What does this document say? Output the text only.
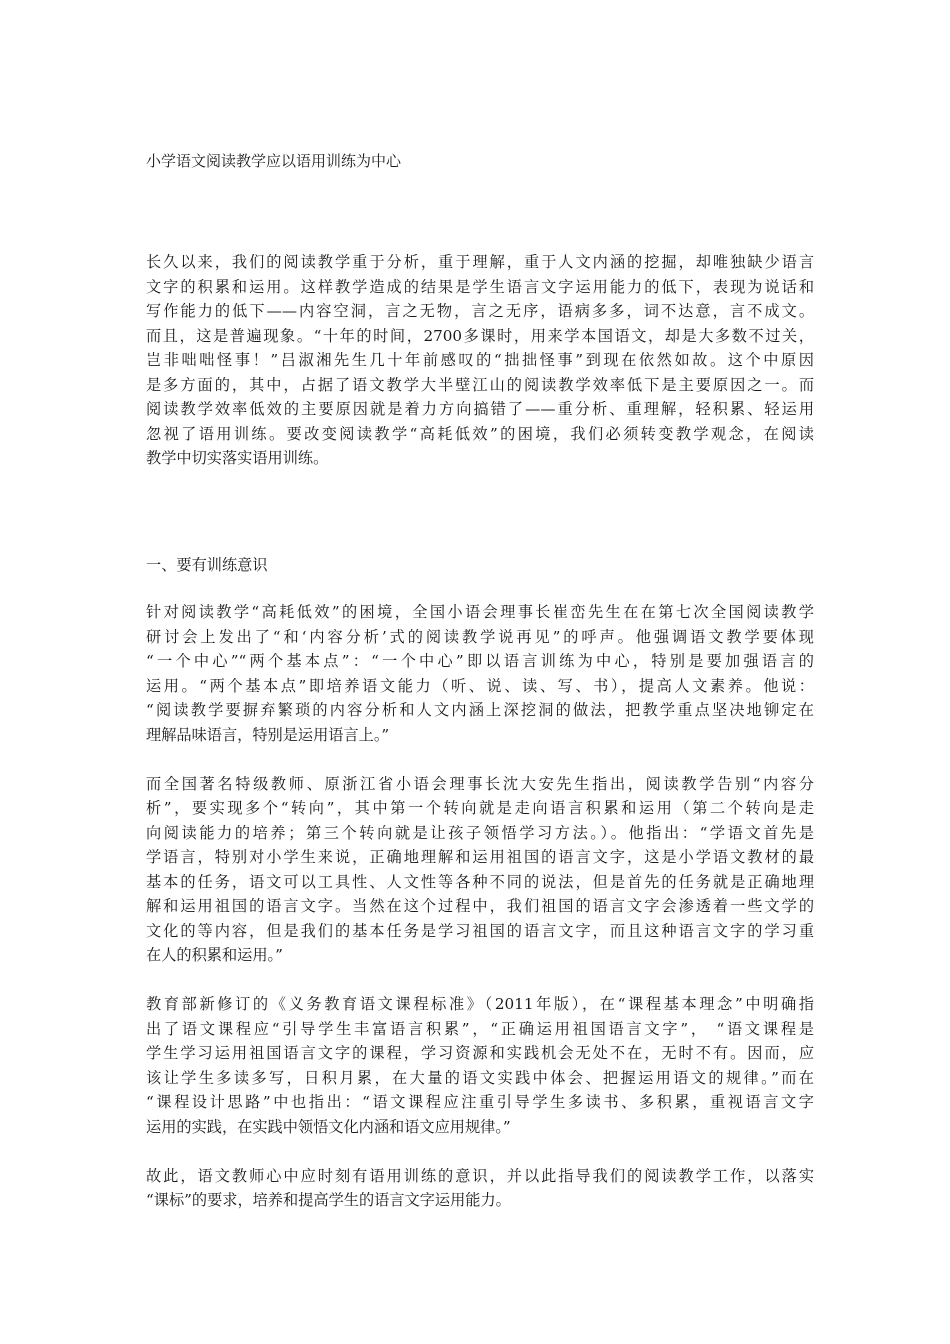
小学语文阅读教学应以语用训练为中心

长久以来，我们的阅读教学重于分析，重于理解，重于人文内涵的挖掘，却唯独缺少语言
文字的积累和运用。这样教学造成的结果是学生语言文字运用能力的低下，表现为说话和
写作能力的低下——内容空洞，言之无物，言之无序，语病多多，词不达意，言不成文。
而且，这是普遍现象。“十年的时间，2700多课时，用来学本国语文，却是大多数不过关，
岂非咄咄怪事！”吕淑湘先生几十年前感叹的“拙拙怪事”到现在依然如故。这个中原因
是多方面的，其中，占据了语文教学大半壁江山的阅读教学效率低下是主要原因之一。而
阅读教学效率低效的主要原因就是着力方向搞错了——重分析、重理解，轻积累、轻运用
忽视了语用训练。要改变阅读教学“高耗低效”的困境，我们必须转变教学观念，在阅读
教学中切实落实语用训练。

一、要有训练意识

针对阅读教学“高耗低效”的困境，全国小语会理事长崔峦先生在在第七次全国阅读教学
研讨会上发出了“和‘内容分析’式的阅读教学说再见”的呼声。他强调语文教学要体现
“一个中心”“两个基本点”：“一个中心”即以语言训练为中心，特别是要加强语言的
运用。“两个基本点”即培养语文能力（听、说、读、写、书），提高人文素养。他说：
“阅读教学要摒弃繁琐的内容分析和人文内涵上深挖洞的做法，把教学重点坚决地铆定在
理解品味语言，特别是运用语言上。”

而全国著名特级教师、原浙江省小语会理事长沈大安先生指出，阅读教学告别“内容分
析”，要实现多个“转向”，其中第一个转向就是走向语言积累和运用（第二个转向是走
向阅读能力的培养；第三个转向就是让孩子领悟学习方法。）。他指出：“学语文首先是
学语言，特别对小学生来说，正确地理解和运用祖国的语言文字，这是小学语文教材的最
基本的任务，语文可以工具性、人文性等各种不同的说法，但是首先的任务就是正确地理
解和运用祖国的语言文字。当然在这个过程中，我们祖国的语言文字会渗透着一些文学的
文化的等内容，但是我们的基本任务是学习祖国的语言文字，而且这种语言文字的学习重
在人的积累和运用。”

教育部新修订的《义务教育语文课程标准》（2011年版），在“课程基本理念”中明确指
出了语文课程应“引导学生丰富语言积累”，“正确运用祖国语言文字”， “语文课程是
学生学习运用祖国语言文字的课程，学习资源和实践机会无处不在，无时不有。因而，应
该让学生多读多写，日积月累，在大量的语文实践中体会、把握运用语文的规律。”而在
“课程设计思路”中也指出：“语文课程应注重引导学生多读书、多积累，重视语言文字
运用的实践，在实践中领悟文化内涵和语文应用规律。”

故此，语文教师心中应时刻有语用训练的意识，并以此指导我们的阅读教学工作，以落实
“课标”的要求，培养和提高学生的语言文字运用能力。
